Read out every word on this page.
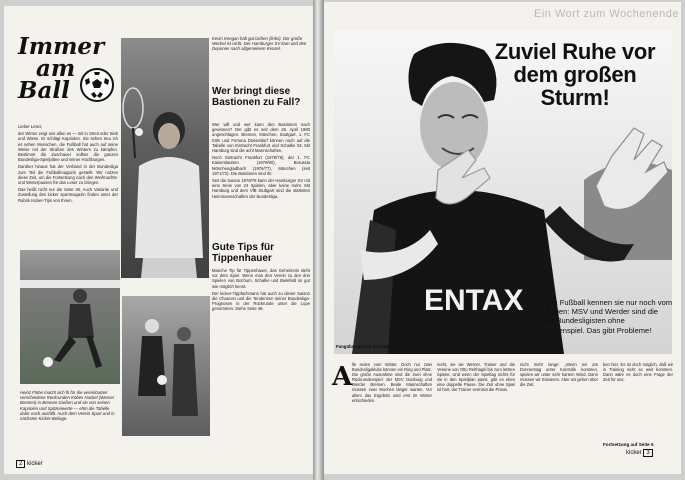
Immer
am
Ball

Lieber Leser,

der Winter zeigt uns allen es — mit in Streit oder Sieb und Wiese. Er schlägt Kapriolen. Sie sehen treu ich es sehen Menschen, die Fußball hat auch auf seine Weise mit der Straßen des Winters zu kämpfen. Bestimmt die Zuschauer sollten die ganzen Bundesliga-Spielpläne und seiner Hochburgen.

Darüber hinaus hat der Verband in der Bundesliga zum Teil die Fußballmagazin gestellt. Wir nutzen diese Zeit, um die Fortsetzung nach den Weihnachts- und Winterpausen für das Leser zu bringen.

Das heißt nicht nur die Seite 46, Auch Variante und Zustellung des kicker sportmagazin finden unter der Rubrik Kicker-Tips von Ihnen.

Kevin Keegan hält gut lachen (links). Der große Werbel ist nicht. Der Hamburger SV kam und den Deponier nach allgemeinem Kenzel.
Wer bringt diese Bastionen zu Fall?

Wer will und wer kann den Bastionen nach gewinnen? Der gibt es seit dem 26. April 1980 ungeschlagen. Bremen, München, Stuttgart, 1. FC Köln und Fortuna Düsseldorf können noch auf die Tabelle von Eintracht Frankfurt und Schalke 04. Mit Hamburg sind die acht Mannschaften.

Noch Eintracht Frankfurt (1978/79), der 1. FC Kaiserslautern (1979/80), Borussia Mönchengladbach (1976/77), München (seit 1971/72). Die Bastionen sind ihr.

Seit die Saison 1978/79 kann der Hamburger SV mit eine Serie von 24 Spielen, aber keine mehr. Mit Hamburg und dem VfB Stuttgart sind die stärksten Heimmannschaften der Bundesliga.

Gute Tips für Tippenhauer

Manche Tip für Tippenhauer, das Geheimnis steht vor dem Spiel. Wenn man den Verein zu den drei Spielen von Bochum, Schalke und Bielefeld so gut wie möglich kennt.

Der kicker-Tippfachmann hat auch zu dieser Saison die Chancen und die Tendenzen seiner Bundesliga-Prognosen in der Rückrunde unter die Lupe genommen. Siehe Seite 46.

Heinz Flohe macht sich fit für die vereinbarten verschiedene Rückrunden Köbes Hackel (Werner Bremen) in Bremen-Gießen und sie von seinen Kapriolen und Spitzenwerte — ehm die Tabelle dafür noch ausfällt. Auch dem Verein Sport und in nächsten Kicker-Beilage.
2 kicker
Ein Wort zum Wochenende
ENTAX
Zuviel Ruhe vor dem großen Sturm!
Fangübungen im Schnee (Dieter Burdenski [Werder Bremen])
Richtigen Fußball kennen sie nur noch vom Hörensagen: MSV und Werder sind die einzigen Bundesligisten ohne Rückrundenspiel. Das gibt Probleme!
A lle reden vom Winter. Doch nur zwei Bundesligaklubs können ein Ring und Platz. Die große Ausnahme sind die zwei ohne Rückrundenspiel: der MSV Duisburg und Werder Bremen. Beide Mannschaften müssen zwei Wochen länger warten. Vor allem das Ergebnis wird erst im Winter entschieden.
recht, sie sie Werner. Trainer und die Vereine von Otto Rehhagel bis zum letzten Spieler. Und wenn der Spieltag nichts für sie in den Spielplan passt, gibt es eben eine doppelte Pause. Die Zeit ohne Spiel ist hart, der Trainer vermisst die Praxis.
nicht mehr lange: „Wenn wir am Donnerstag unter Kontrolle kommen, spielen wir unter sehr hartem Wind. Dann müssen wir trainieren. Aber wir gehen über die Zeit.
ben hier. Es ist doch möglich, daß wir in Training nicht so weit kommen. Dann wäre es doch eine Frage der Zeit für uns.
Fortsetzung auf Seite 5
kicker 3
